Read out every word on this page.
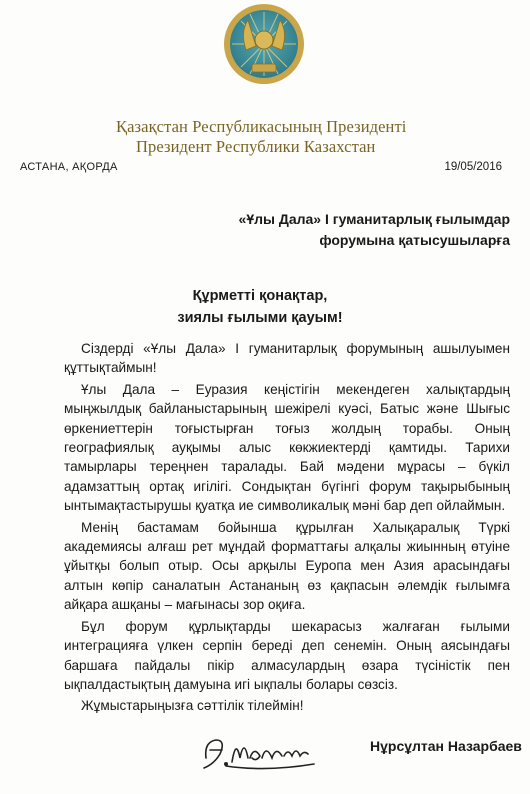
Қазақстан Республикасының Президенті
Президент Республики Казахстан
АСТАНА, АҚОРДА	19/05/2016
«Ұлы Дала» І гуманитарлық ғылымдар
форумына қатысушыларға
Құрметті қонақтар,
зиялы ғылыми қауым!

Сіздерді «Ұлы Дала» І гуманитарлық форумының ашылуымен құттықтаймын!

Ұлы Дала – Еуразия кеңістігін мекендеген халықтардың мыңжылдық байланыстарының шежірелі куәсі, Батыс және Шығыс өркениеттерін тоғыстырған тоғыз жолдың торабы. Оның географиялық ауқымы алыс көкжиектерді қамтиды. Тарихи тамырлары тереңнен таралады. Бай мәдени мұрасы – бүкіл адамзаттың ортақ игілігі. Сондықтан бүгінгі форум тақырыбының ынтымақтастырушы қуатқа ие символикалық мәні бар деп ойлаймын.

Менің бастамам бойынша құрылған Халықаралық Түркі академиясы алғаш рет мұндай форматтағы алқалы жиынның өтуіне ұйытқы болып отыр. Осы арқылы Еуропа мен Азия арасындағы алтын көпір саналатын Астананың өз қақпасын әлемдік ғылымға айқара ашқаны – мағынасы зор оқиға.

Бұл форум құрлықтарды шекарасыз жалғаған ғылыми интеграцияға үлкен серпін береді деп сенемін. Оның аясындағы баршаға пайдалы пікір алмасулардың өзара түсіністік пен ықпалдастықтың дамуына игі ықпалы болары сөзсіз.

Жұмыстарыңызға сәттілік тілеймін!

Нұрсұлтан Назарбаев
